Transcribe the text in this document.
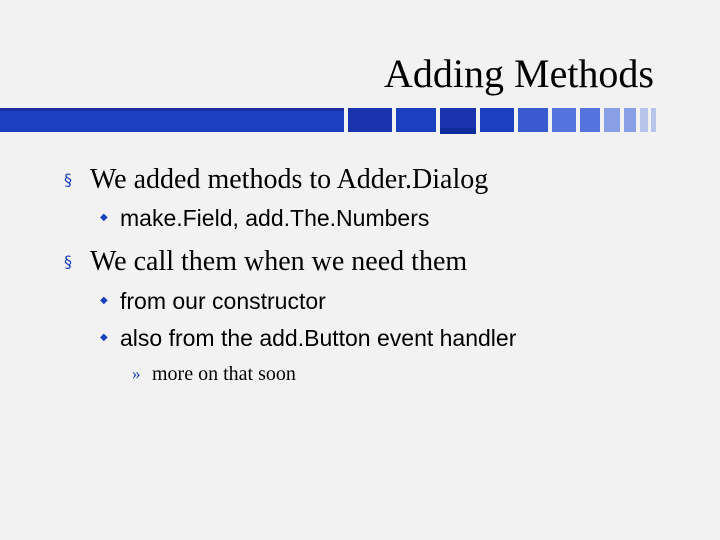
Adding Methods
§ We added methods to Adder.Dialog
◆ make.Field, add.The.Numbers
§ We call them when we need them
◆ from our constructor
◆ also from the add.Button event handler
» more on that soon
